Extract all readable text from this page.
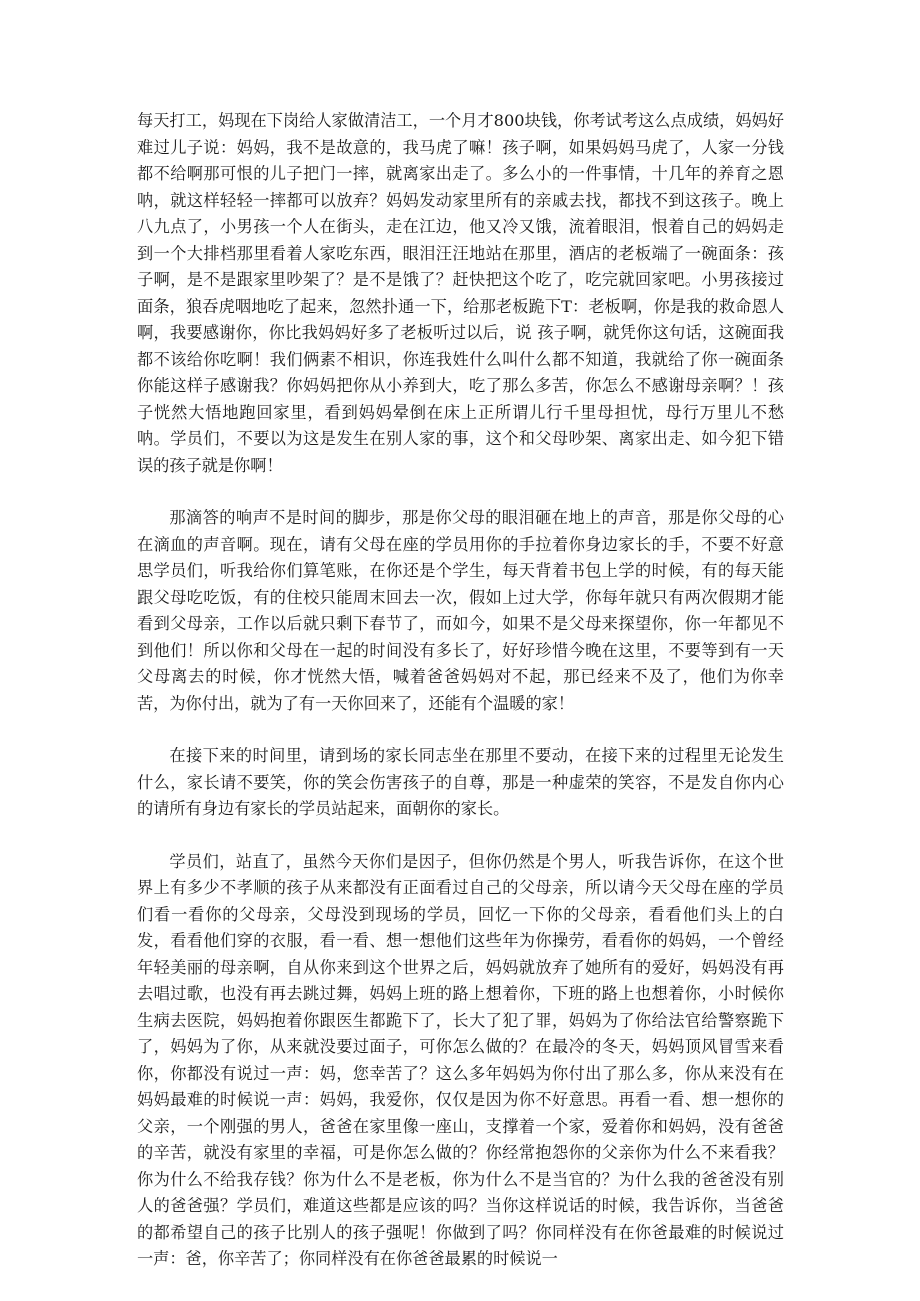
每天打工，妈现在下岗给人家做清洁工，一个月才800块钱，你考试考这么点成绩，妈妈好难过儿子说：妈妈，我不是故意的，我马虎了嘛！孩子啊，如果妈妈马虎了，人家一分钱都不给啊那可恨的儿子把门一摔，就离家出走了。多么小的一件事情，十几年的养育之恩呐，就这样轻轻一摔都可以放弃？妈妈发动家里所有的亲戚去找，都找不到这孩子。晚上八九点了，小男孩一个人在街头，走在江边，他又冷又饿，流着眼泪，恨着自己的妈妈走到一个大排档那里看着人家吃东西，眼泪汪汪地站在那里，酒店的老板端了一碗面条：孩子啊，是不是跟家里吵架了？是不是饿了？赶快把这个吃了，吃完就回家吧。小男孩接过面条，狼吞虎咽地吃了起来，忽然扑通一下，给那老板跪下T：老板啊，你是我的救命恩人啊，我要感谢你，你比我妈妈好多了老板听过以后，说 孩子啊，就凭你这句话，这碗面我都不该给你吃啊！我们俩素不相识，你连我姓什么叫什么都不知道，我就给了你一碗面条你能这样子感谢我？你妈妈把你从小养到大，吃了那么多苦，你怎么不感谢母亲啊？！孩子恍然大悟地跑回家里，看到妈妈晕倒在床上正所谓儿行千里母担忧，母行万里儿不愁呐。学员们，不要以为这是发生在别人家的事，这个和父母吵架、离家出走、如今犯下错误的孩子就是你啊！

那滴答的响声不是时间的脚步，那是你父母的眼泪砸在地上的声音，那是你父母的心在滴血的声音啊。现在，请有父母在座的学员用你的手拉着你身边家长的手，不要不好意思学员们，听我给你们算笔账，在你还是个学生，每天背着书包上学的时候，有的每天能跟父母吃吃饭，有的住校只能周末回去一次，假如上过大学，你每年就只有两次假期才能看到父母亲，工作以后就只剩下春节了，而如今，如果不是父母来探望你，你一年都见不到他们！所以你和父母在一起的时间没有多长了，好好珍惜今晚在这里，不要等到有一天父母离去的时候，你才恍然大悟，喊着爸爸妈妈对不起，那已经来不及了，他们为你幸苦，为你付出，就为了有一天你回来了，还能有个温暖的家！

在接下来的时间里，请到场的家长同志坐在那里不要动，在接下来的过程里无论发生什么，家长请不要笑，你的笑会伤害孩子的自尊，那是一种虚荣的笑容，不是发自你内心的请所有身边有家长的学员站起来，面朝你的家长。

学员们，站直了，虽然今天你们是因子，但你仍然是个男人，听我告诉你，在这个世界上有多少不孝顺的孩子从来都没有正面看过自己的父母亲，所以请今天父母在座的学员们看一看你的父母亲，父母没到现场的学员，回忆一下你的父母亲，看看他们头上的白发，看看他们穿的衣服，看一看、想一想他们这些年为你操劳，看看你的妈妈，一个曾经年轻美丽的母亲啊，自从你来到这个世界之后，妈妈就放弃了她所有的爱好，妈妈没有再去唱过歌，也没有再去跳过舞，妈妈上班的路上想着你，下班的路上也想着你，小时候你生病去医院，妈妈抱着你跟医生都跪下了，长大了犯了罪，妈妈为了你给法官给警察跪下了，妈妈为了你，从来就没要过面子，可你怎么做的？在最冷的冬天，妈妈顶风冒雪来看你，你都没有说过一声：妈，您幸苦了？这么多年妈妈为你付出了那么多，你从来没有在妈妈最难的时候说一声：妈妈，我爱你，仅仅是因为你不好意思。再看一看、想一想你的父亲，一个刚强的男人，爸爸在家里像一座山，支撑着一个家，爱着你和妈妈，没有爸爸的辛苦，就没有家里的幸福，可是你怎么做的？你经常抱怨你的父亲你为什么不来看我？你为什么不给我存钱？你为什么不是老板，你为什么不是当官的？为什么我的爸爸没有别人的爸爸强？学员们，难道这些都是应该的吗？当你这样说话的时候，我告诉你，当爸爸的都希望自己的孩子比别人的孩子强呢！你做到了吗？你同样没有在你爸最难的时候说过一声：爸，你辛苦了；你同样没有在你爸爸最累的时候说一
